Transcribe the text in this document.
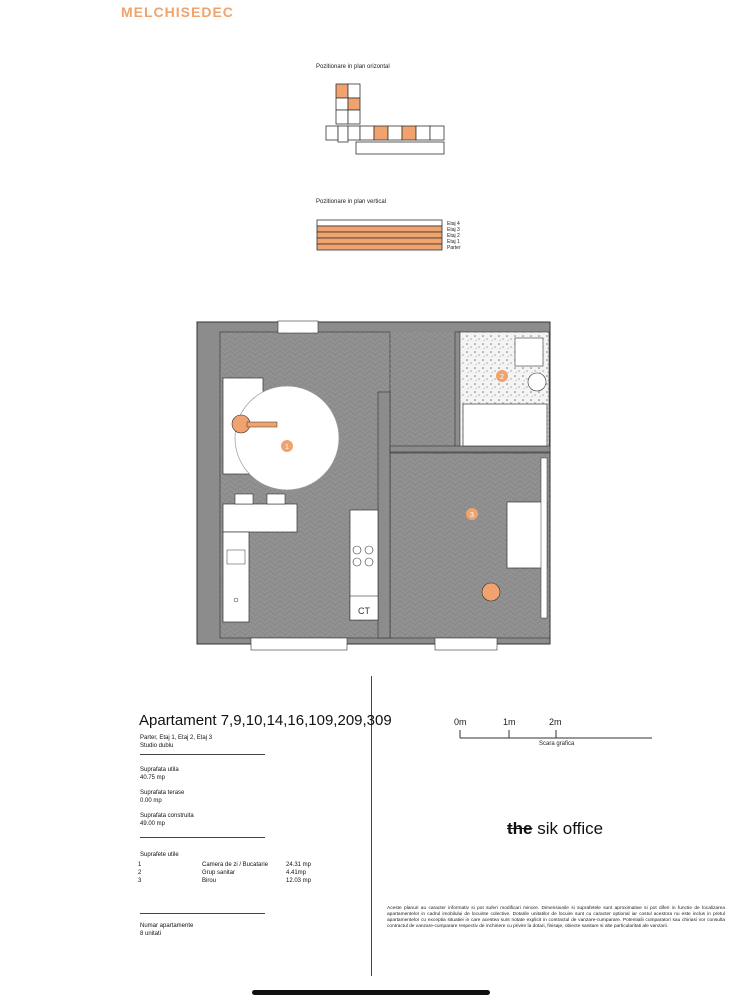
MELCHISEDEC
Pozitionare in plan orizontal
Pozitionare in plan vertical
Etaj 4
Etaj 3
Etaj 2
Etaj 1
Parter
1
2
3
CT
Apartament 7,9,10,14,16,109,209,309
Parter, Etaj 1, Etaj 2, Etaj 3
Studio dublu
Suprafata utila
40.75 mp
Suprafata terase
0.00 mp
Suprafata construita
49.00 mp
Suprafete utile
1	Camera de zi / Bucatarie	24.31 mp
2	Grup sanitar	4.41mp
3	Birou	12.03 mp
Numar apartamente
8 unitati
0m	1m	2m
Scara grafica
the sik office
Aceste planuri au caracter informativ si pot suferi modificari minore. Dimensiunile si suprafetele sunt aproximative si pot diferi in functie de localizarea apartamentelor in cadrul imobilului de locuinte colective. Dotarile unitatilor de locuire sunt cu caracter optional iar costul acestora nu este inclus in pretul apartamentelor cu exceptia situatiei in care acestea sunt notate explicit in contractul de vanzare-cumparare. Potentialii cumparatori sau chiriasi vor consulta contractul de vanzare-cumparare respectiv de inchiriere cu privire la dotari, finisaje, obiecte sanitare si alte particularitati ale vanzarii.
